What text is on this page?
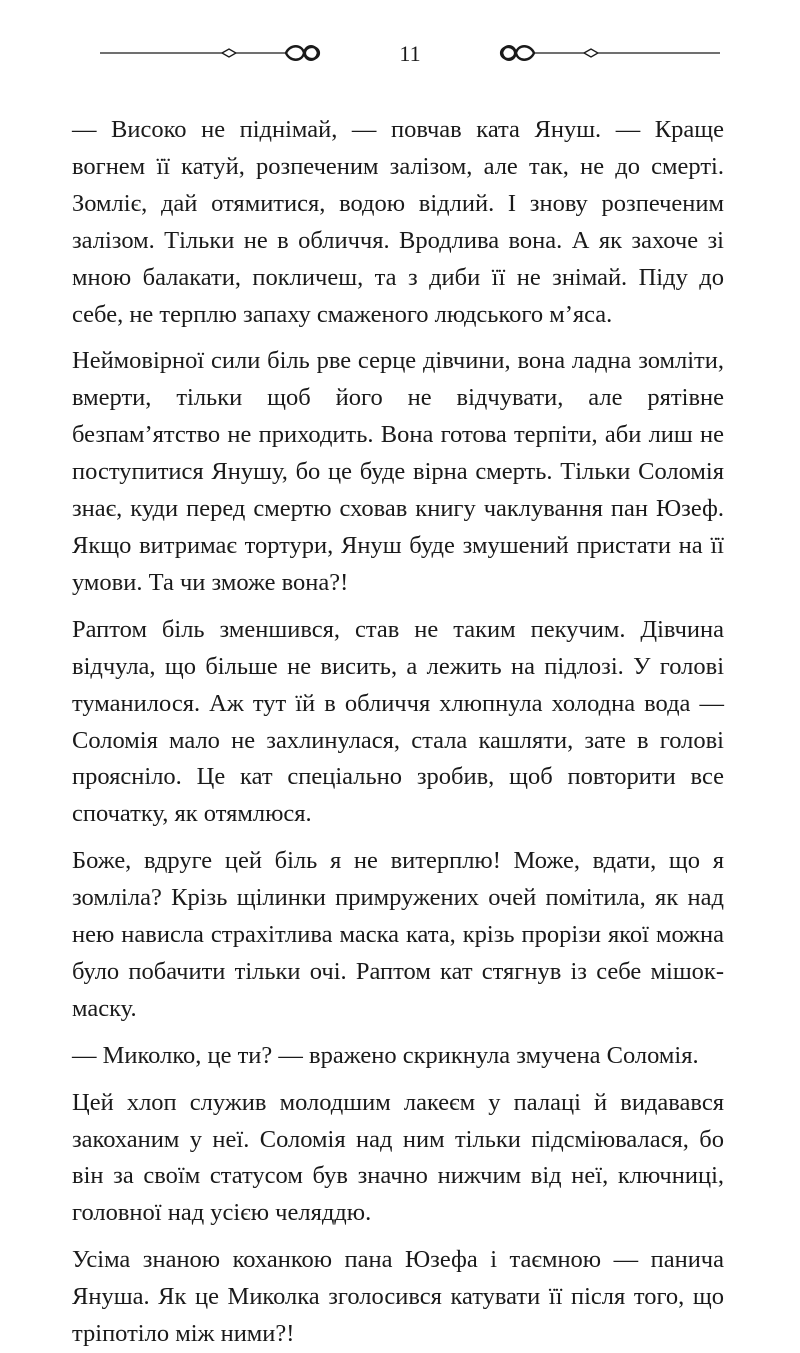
11

— Високо не піднімай, — повчав ката Януш. — Краще вогнем її катуй, розпеченим залізом, але так, не до смерті. Зомліє, дай отямитися, водою відлий. І знову розпеченим залізом. Тільки не в обличчя. Вродлива вона. А як захоче зі мною балакати, покличеш, та з диби її не знімай. Піду до себе, не терплю запаху смаженого людського м’яса.

Неймовірної сили біль рве серце дівчини, вона ладна зомліти, вмерти, тільки щоб його не відчувати, але рятівне безпам’ятство не приходить. Вона готова терпіти, аби лиш не поступитися Янушу, бо це буде вірна смерть. Тільки Соломія знає, куди перед смертю сховав книгу чаклування пан Юзеф. Якщо витримає тортури, Януш буде змушений пристати на її умови. Та чи зможе вона?!

Раптом біль зменшився, став не таким пекучим. Дівчина відчула, що більше не висить, а лежить на підлозі. У голові туманилося. Аж тут їй в обличчя хлюпнула холодна вода — Соломія мало не захлинулася, стала кашляти, зате в голові проясніло. Це кат спеціально зробив, щоб повторити все спочатку, як отямлюся.

Боже, вдруге цей біль я не витерплю! Може, вдати, що я зомліла? Крізь щілинки примружених очей помітила, як над нею нависла страхітлива маска ката, крізь прорізи якої можна було побачити тільки очі. Раптом кат стягнув із себе мішок-маску.

— Миколко, це ти? — вражено скрикнула змучена Соломія.

Цей хлоп служив молодшим лакеєм у палаці й видавався закоханим у неї. Соломія над ним тільки підсміювалася, бо він за своїм статусом був значно нижчим від неї, ключниці, головної над усією челяддю.

Усіма знаною коханкою пана Юзефа і таємною — панича Януша. Як це Миколка зголосився катувати її після того, що тріпотіло між ними?!
